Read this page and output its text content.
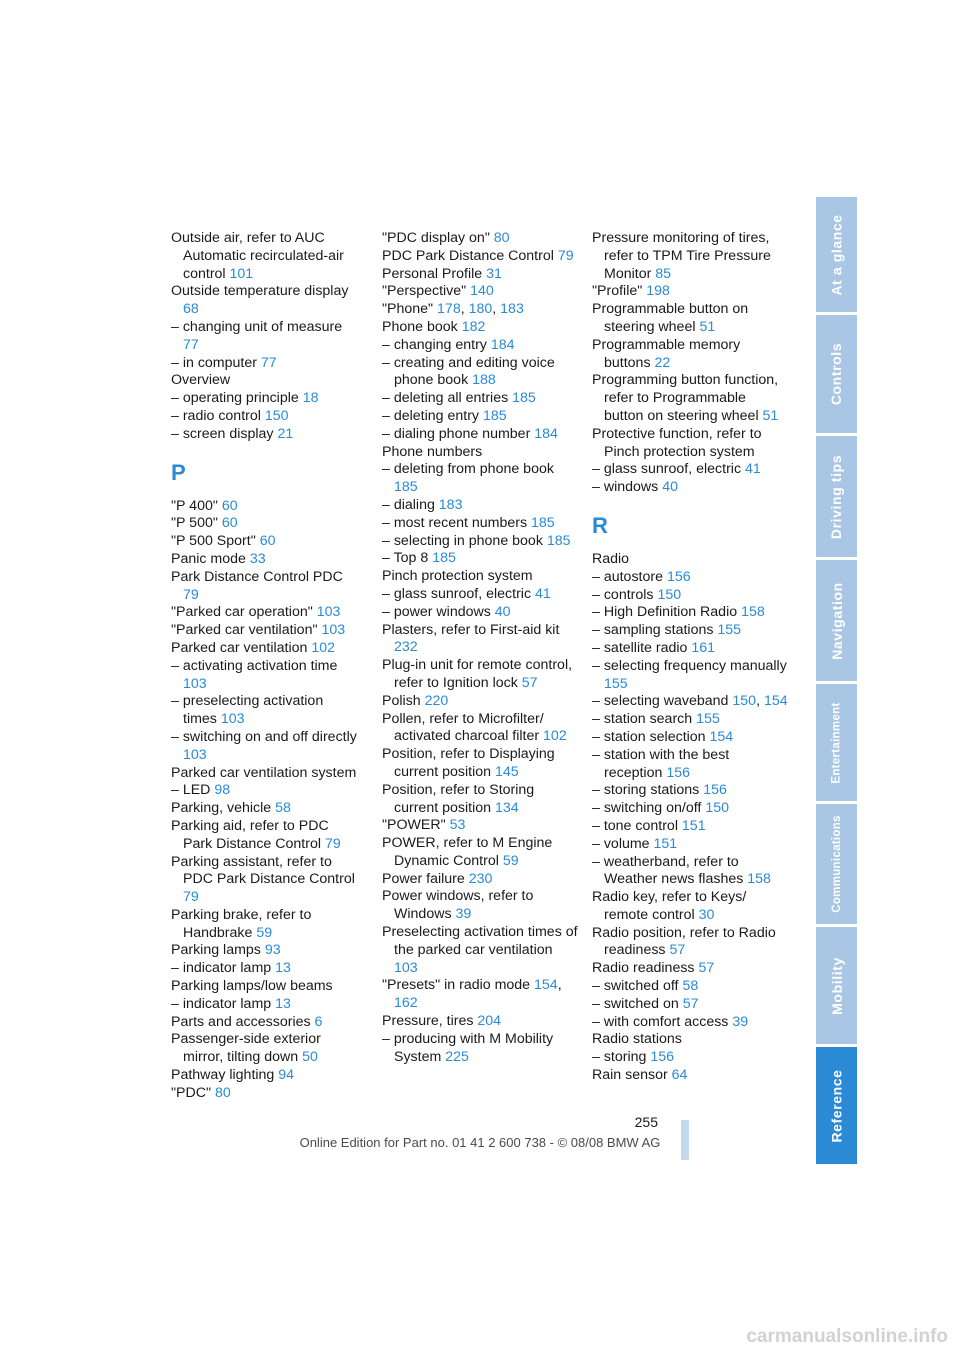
Outside air, refer to AUC Automatic recirculated-air control 101
Outside temperature display 68
– changing unit of measure 77
– in computer 77
Overview
– operating principle 18
– radio control 150
– screen display 21
P
"P 400" 60
"P 500" 60
"P 500 Sport" 60
Panic mode 33
Park Distance Control PDC 79
"Parked car operation" 103
"Parked car ventilation" 103
Parked car ventilation 102
– activating activation time 103
– preselecting activation times 103
– switching on and off directly 103
Parked car ventilation system
– LED 98
Parking, vehicle 58
Parking aid, refer to PDC Park Distance Control 79
Parking assistant, refer to PDC Park Distance Control 79
Parking brake, refer to Handbrake 59
Parking lamps 93
– indicator lamp 13
Parking lamps/low beams
– indicator lamp 13
Parts and accessories 6
Passenger-side exterior mirror, tilting down 50
Pathway lighting 94
"PDC" 80
"PDC display on" 80
PDC Park Distance Control 79
Personal Profile 31
"Perspective" 140
"Phone" 178, 180, 183
Phone book 182
– changing entry 184
– creating and editing voice phone book 188
– deleting all entries 185
– deleting entry 185
– dialing phone number 184
Phone numbers
– deleting from phone book 185
– dialing 183
– most recent numbers 185
– selecting in phone book 185
– Top 8 185
Pinch protection system
– glass sunroof, electric 41
– power windows 40
Plasters, refer to First-aid kit 232
Plug-in unit for remote control, refer to Ignition lock 57
Polish 220
Pollen, refer to Microfilter/ activated charcoal filter 102
Position, refer to Displaying current position 145
Position, refer to Storing current position 134
"POWER" 53
POWER, refer to M Engine Dynamic Control 59
Power failure 230
Power windows, refer to Windows 39
Preselecting activation times of the parked car ventilation 103
"Presets" in radio mode 154, 162
Pressure, tires 204
– producing with M Mobility System 225
Pressure monitoring of tires, refer to TPM Tire Pressure Monitor 85
"Profile" 198
Programmable button on steering wheel 51
Programmable memory buttons 22
Programming button function, refer to Programmable button on steering wheel 51
Protective function, refer to Pinch protection system
– glass sunroof, electric 41
– windows 40
R
Radio
– autostore 156
– controls 150
– High Definition Radio 158
– sampling stations 155
– satellite radio 161
– selecting frequency manually 155
– selecting waveband 150, 154
– station search 155
– station selection 154
– station with the best reception 156
– storing stations 156
– switching on/off 150
– tone control 151
– volume 151
– weatherband, refer to Weather news flashes 158
Radio key, refer to Keys/ remote control 30
Radio position, refer to Radio readiness 57
Radio readiness 57
– switched off 58
– switched on 57
– with comfort access 39
Radio stations
– storing 156
Rain sensor 64
At a glance
Controls
Driving tips
Navigation
Entertainment
Communications
Mobility
Reference
255
Online Edition for Part no. 01 41 2 600 738 - © 08/08 BMW AG
carmanualsonline.info
